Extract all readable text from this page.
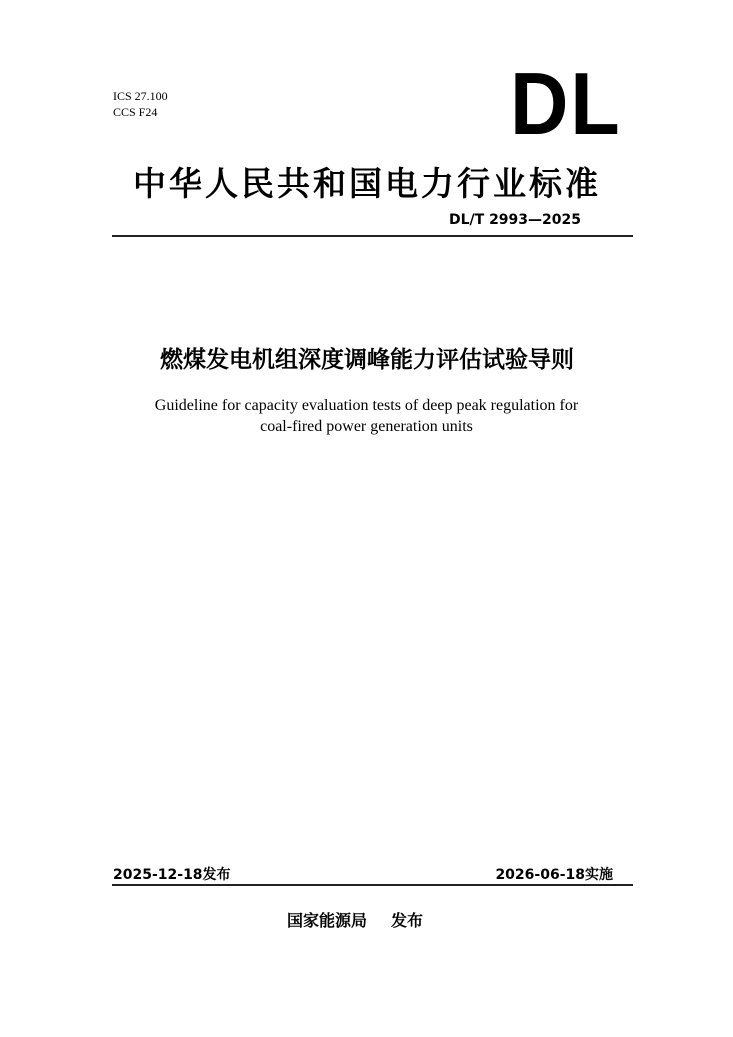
ICS 27.100
CCS F24	DL
中华人民共和国电力行业标准
DL/T 2993—2025
燃煤发电机组深度调峰能力评估试验导则
Guideline for capacity evaluation tests of deep peak regulation for
coal-fired power generation units
2025-12-18发布	2026-06-18实施
国家能源局 发布
